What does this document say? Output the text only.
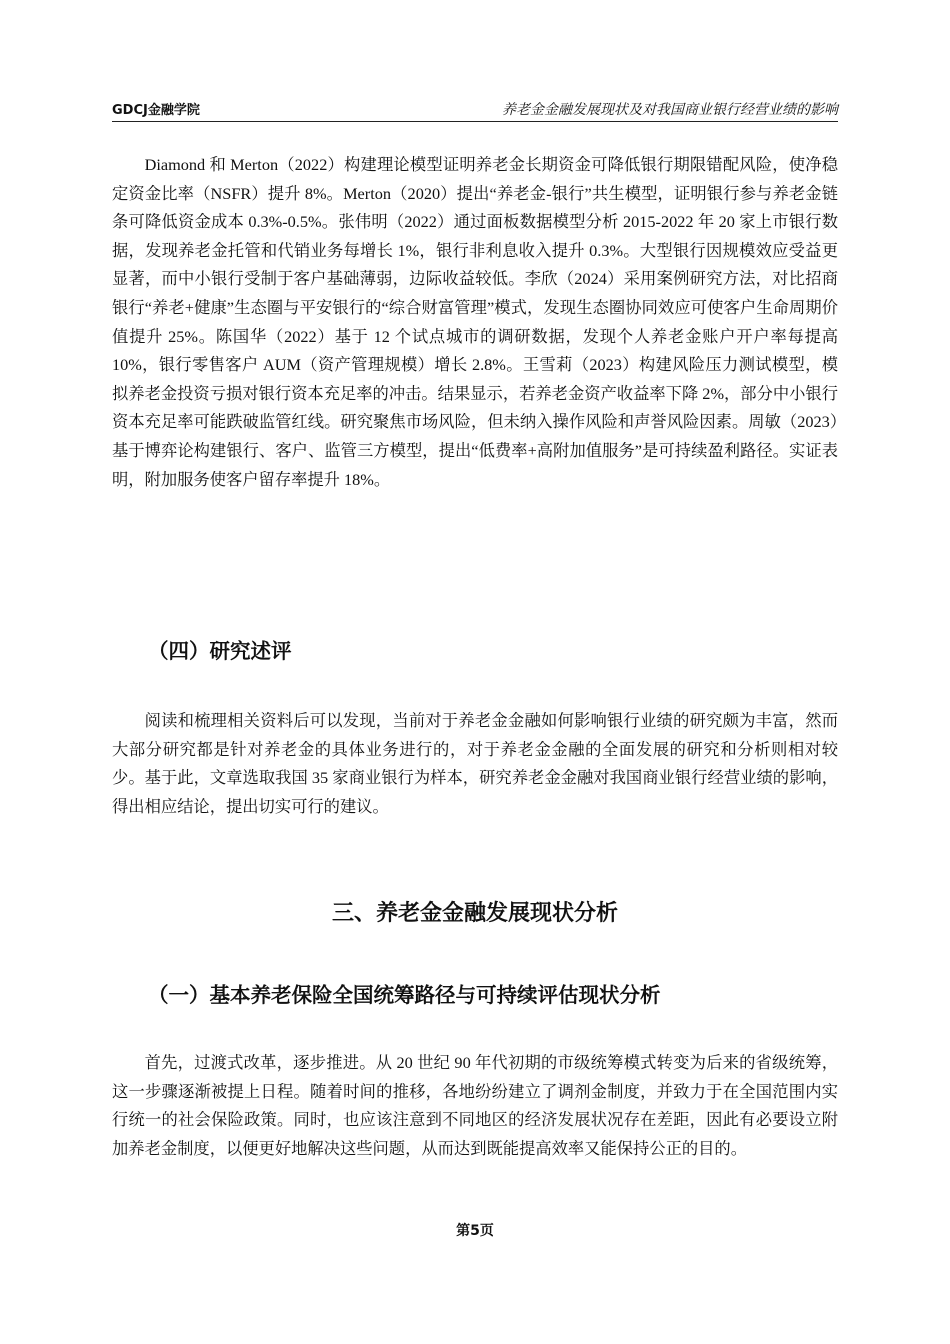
GDCJ金融学院	养老金金融发展现状及对我国商业银行经营业绩的影响

Diamond 和 Merton（2022）构建理论模型证明养老金长期资金可降低银行期限错配风险，使净稳定资金比率（NSFR）提升 8%。Merton（2020）提出“养老金-银行”共生模型，证明银行参与养老金链条可降低资金成本 0.3%-0.5%。张伟明（2022）通过面板数据模型分析 2015-2022 年 20 家上市银行数据，发现养老金托管和代销业务每增长 1%，银行非利息收入提升 0.3%。大型银行因规模效应受益更显著，而中小银行受制于客户基础薄弱，边际收益较低。李欣（2024）采用案例研究方法，对比招商银行“养老+健康”生态圈与平安银行的“综合财富管理”模式，发现生态圈协同效应可使客户生命周期价值提升 25%。陈国华（2022）基于 12 个试点城市的调研数据，发现个人养老金账户开户率每提高 10%，银行零售客户 AUM（资产管理规模）增长 2.8%。王雪莉（2023）构建风险压力测试模型，模拟养老金投资亏损对银行资本充足率的冲击。结果显示，若养老金资产收益率下降 2%，部分中小银行资本充足率可能跌破监管红线。研究聚焦市场风险，但未纳入操作风险和声誉风险因素。周敏（2023）基于博弈论构建银行、客户、监管三方模型，提出“低费率+高附加值服务”是可持续盈利路径。实证表明，附加服务使客户留存率提升 18%。

（四）研究述评

阅读和梳理相关资料后可以发现，当前对于养老金金融如何影响银行业绩的研究颇为丰富，然而大部分研究都是针对养老金的具体业务进行的，对于养老金金融的全面发展的研究和分析则相对较少。基于此，文章选取我国 35 家商业银行为样本，研究养老金金融对我国商业银行经营业绩的影响，得出相应结论，提出切实可行的建议。

三、养老金金融发展现状分析
（一）基本养老保险全国统筹路径与可持续评估现状分析

首先，过渡式改革，逐步推进。从 20 世纪 90 年代初期的市级统筹模式转变为后来的省级统筹，这一步骤逐渐被提上日程。随着时间的推移，各地纷纷建立了调剂金制度，并致力于在全国范围内实行统一的社会保险政策。同时，也应该注意到不同地区的经济发展状况存在差距，因此有必要设立附加养老金制度，以便更好地解决这些问题，从而达到既能提高效率又能保持公正的目的。

第5页
